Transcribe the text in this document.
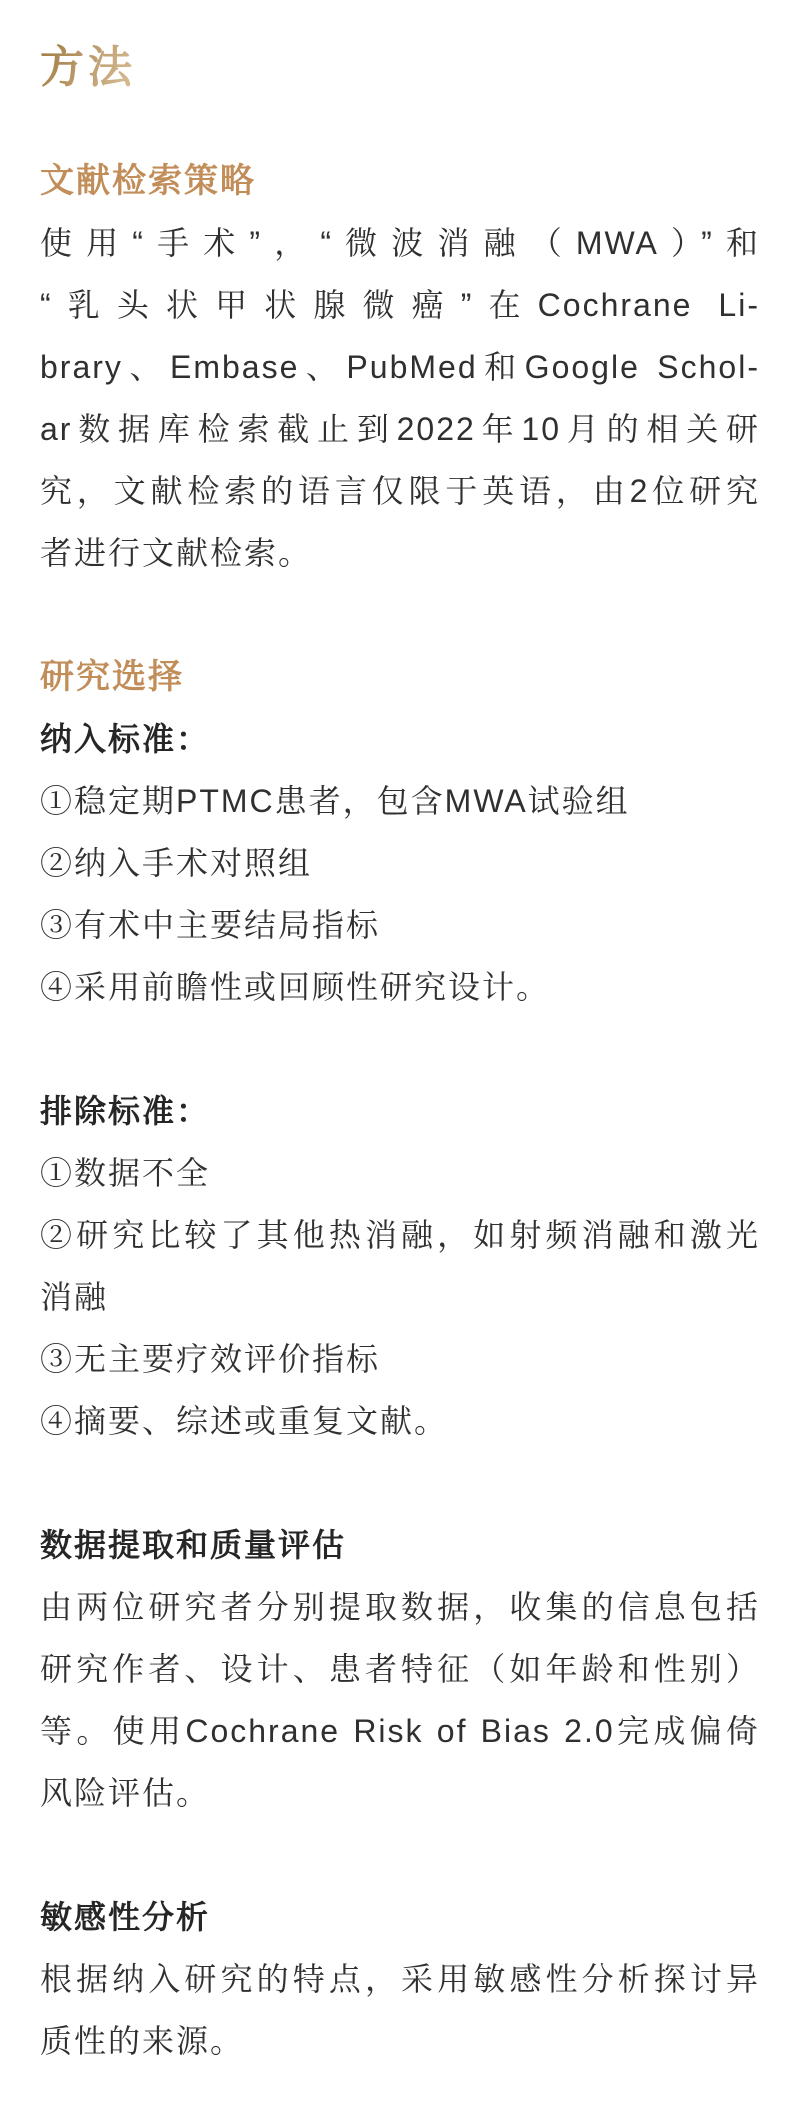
方法
文献检索策略

使用“手术”，“微波消融（MWA）”和

“乳头状甲状腺微癌”在Cochrane Li-

brary、Embase、PubMed和Google Schol-

ar数据库检索截止到2022年10月的相关研

究，文献检索的语言仅限于英语，由2位研究

者进行文献检索。

研究选择

纳入标准：

①稳定期PTMC患者，包含MWA试验组

②纳入手术对照组

③有术中主要结局指标

④采用前瞻性或回顾性研究设计。

排除标准：

①数据不全

②研究比较了其他热消融，如射频消融和激光

消融

③无主要疗效评价指标

④摘要、综述或重复文献。

数据提取和质量评估

由两位研究者分别提取数据，收集的信息包括

研究作者、设计、患者特征（如年龄和性别）

等。使用Cochrane Risk of Bias 2.0完成偏倚

风险评估。

敏感性分析

根据纳入研究的特点，采用敏感性分析探讨异

质性的来源。
